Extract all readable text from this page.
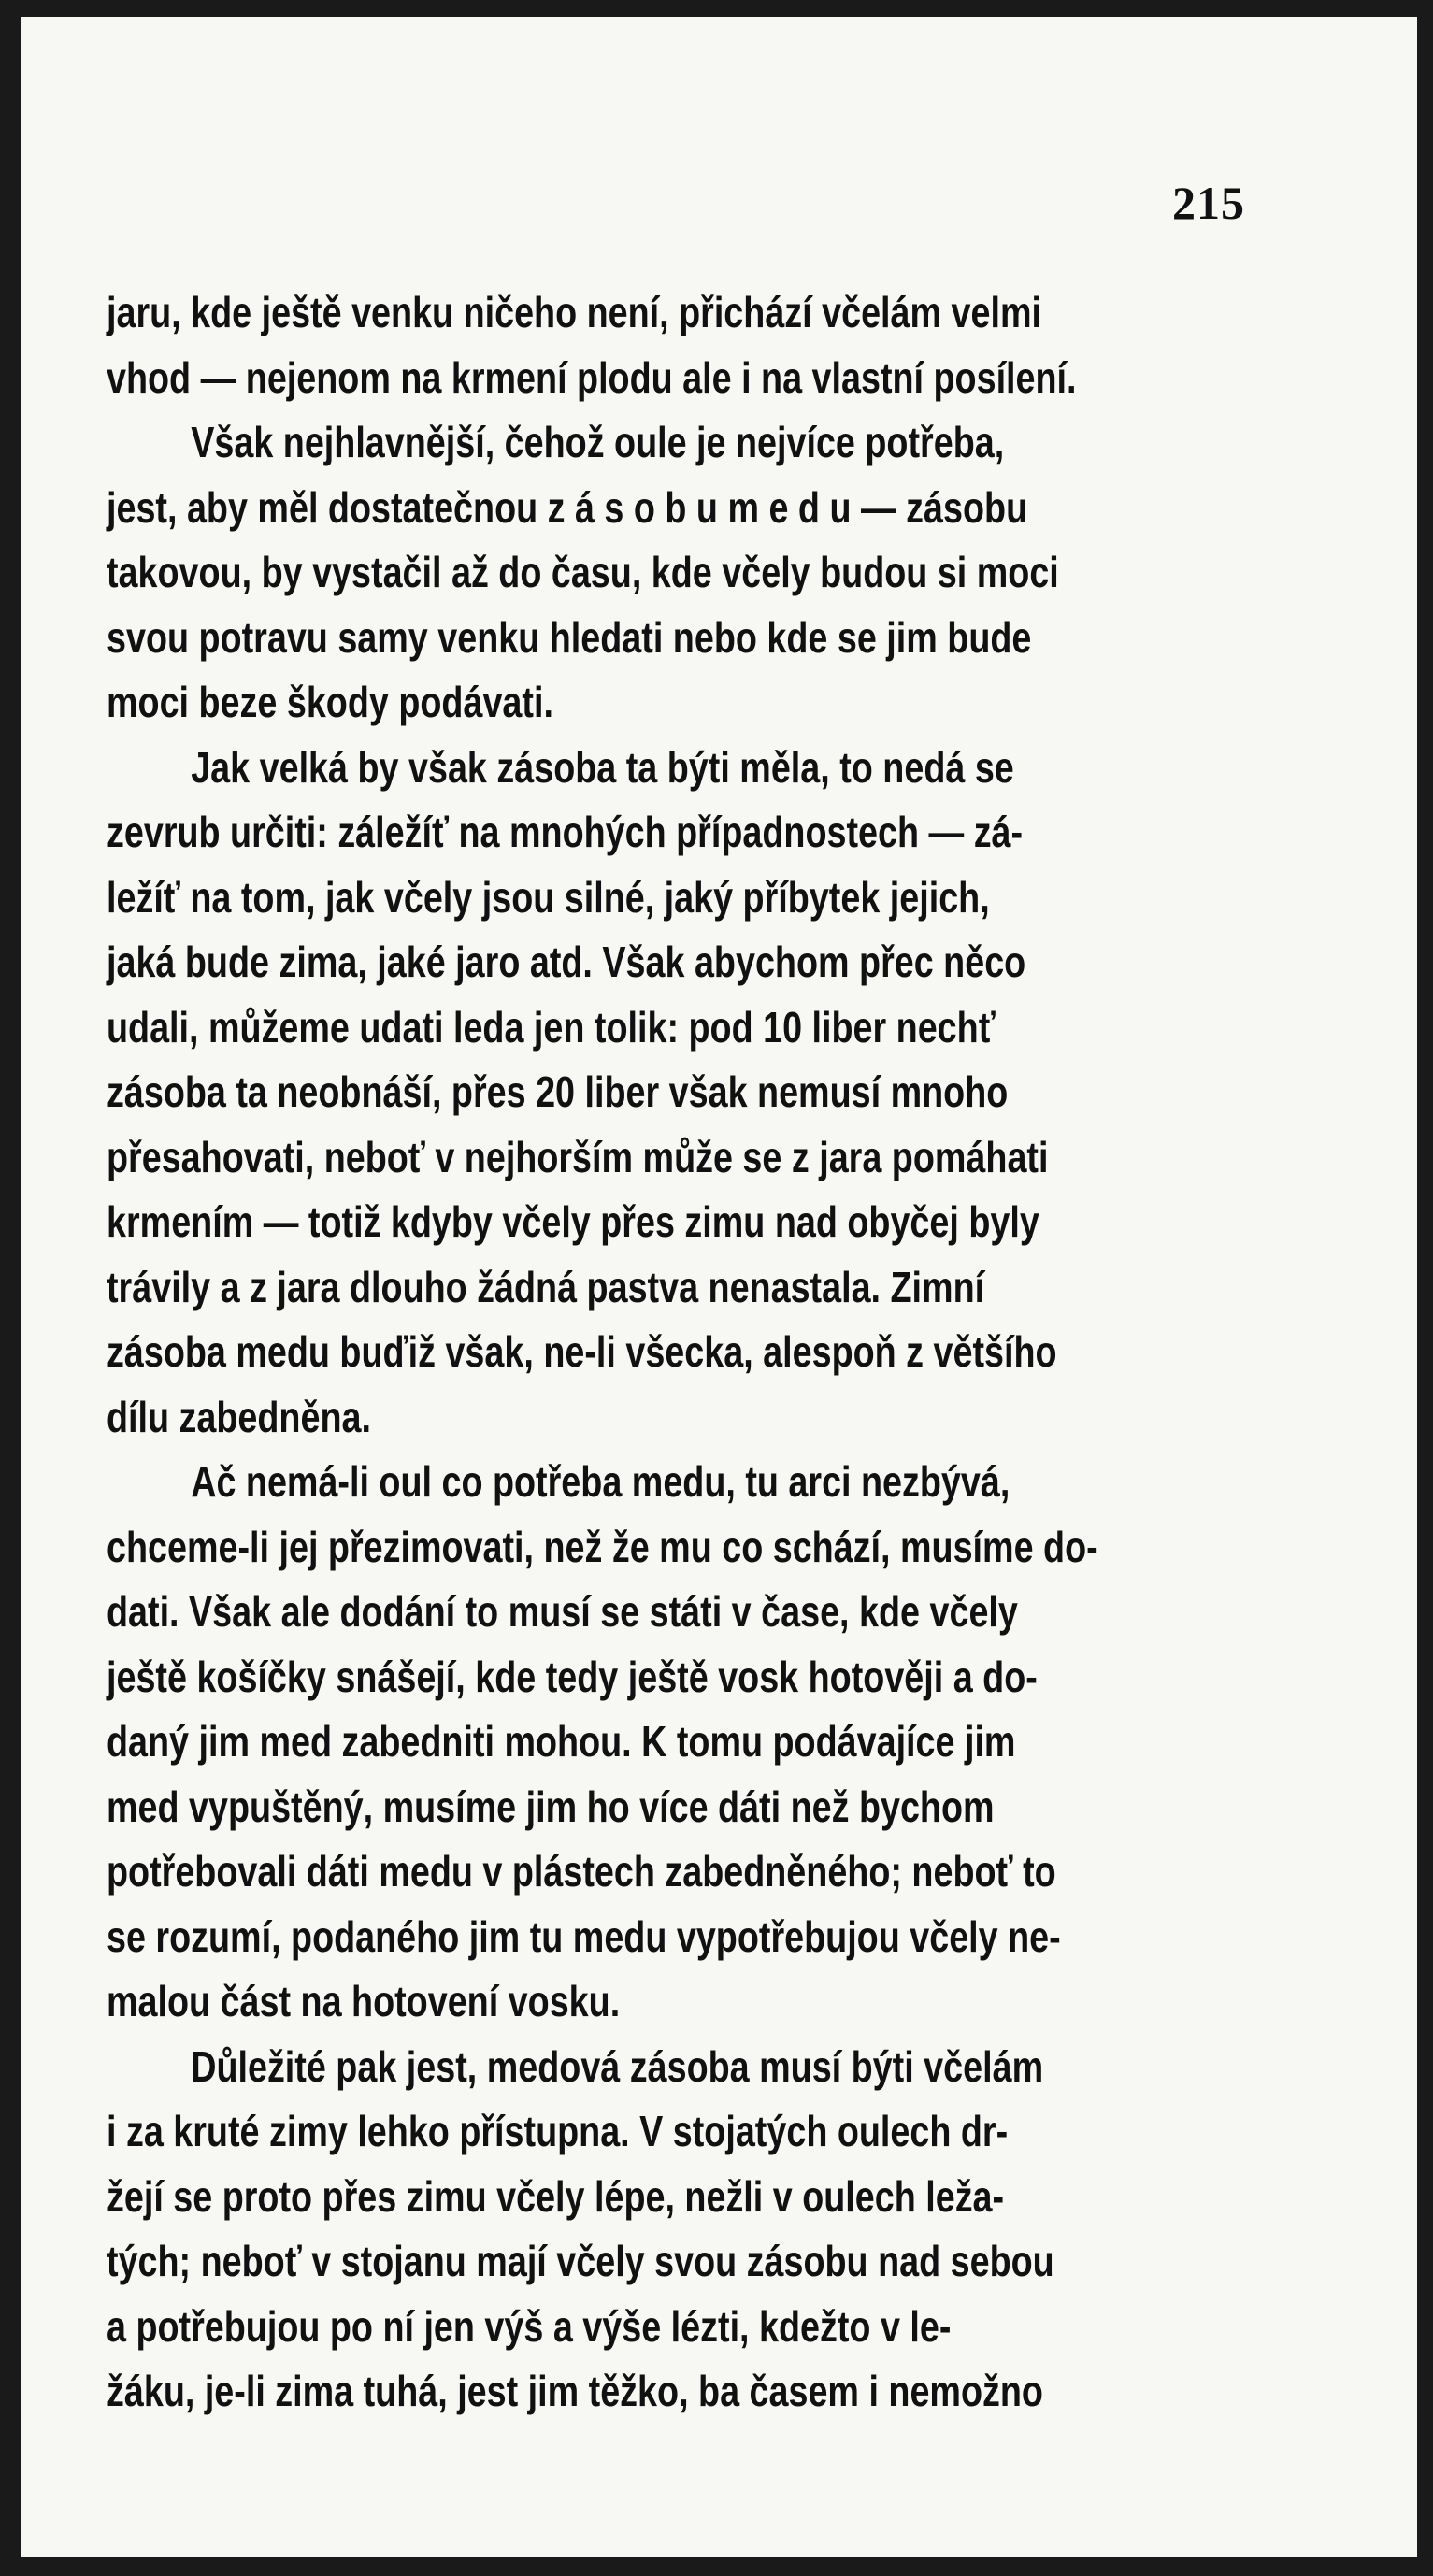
215
jaru, kde ještě venku ničeho není, přichází včelám velmi
vhod — nejenom na krmení plodu ale i na vlastní posílení.
Však nejhlavnější, čehož oule je nejvíce potřeba,
jest, aby měl dostatečnou z á s o b u m e d u — zásobu
takovou, by vystačil až do času, kde včely budou si moci
svou potravu samy venku hledati nebo kde se jim bude
moci beze škody podávati.
Jak velká by však zásoba ta býti měla, to nedá se
zevrub určiti: záležíť na mnohých případnostech — zá-
ležíť na tom, jak včely jsou silné, jaký příbytek jejich,
jaká bude zima, jaké jaro atd. Však abychom přec něco
udali, můžeme udati leda jen tolik: pod 10 liber nechť
zásoba ta neobnáší, přes 20 liber však nemusí mnoho
přesahovati, neboť v nejhorším může se z jara pomáhati
krmením — totiž kdyby včely přes zimu nad obyčej byly
trávily a z jara dlouho žádná pastva nenastala. Zimní
zásoba medu buďiž však, ne-li všecka, alespoň z většího
dílu zabedněna.
Ač nemá-li oul co potřeba medu, tu arci nezbývá,
chceme-li jej přezimovati, než že mu co schází, musíme do-
dati. Však ale dodání to musí se státi v čase, kde včely
ještě košíčky snášejí, kde tedy ještě vosk hotověji a do-
daný jim med zabedniti mohou. K tomu podávajíce jim
med vypuštěný, musíme jim ho více dáti než bychom
potřebovali dáti medu v plástech zabedněného; neboť to
se rozumí, podaného jim tu medu vypotřebujou včely ne-
malou část na hotovení vosku.
Důležité pak jest, medová zásoba musí býti včelám
i za kruté zimy lehko přístupna. V stojatých oulech dr-
žejí se proto přes zimu včely lépe, nežli v oulech leža-
tých; neboť v stojanu mají včely svou zásobu nad sebou
a potřebujou po ní jen výš a výše lézti, kdežto v le-
žáku, je-li zima tuhá, jest jim těžko, ba časem i nemožno
